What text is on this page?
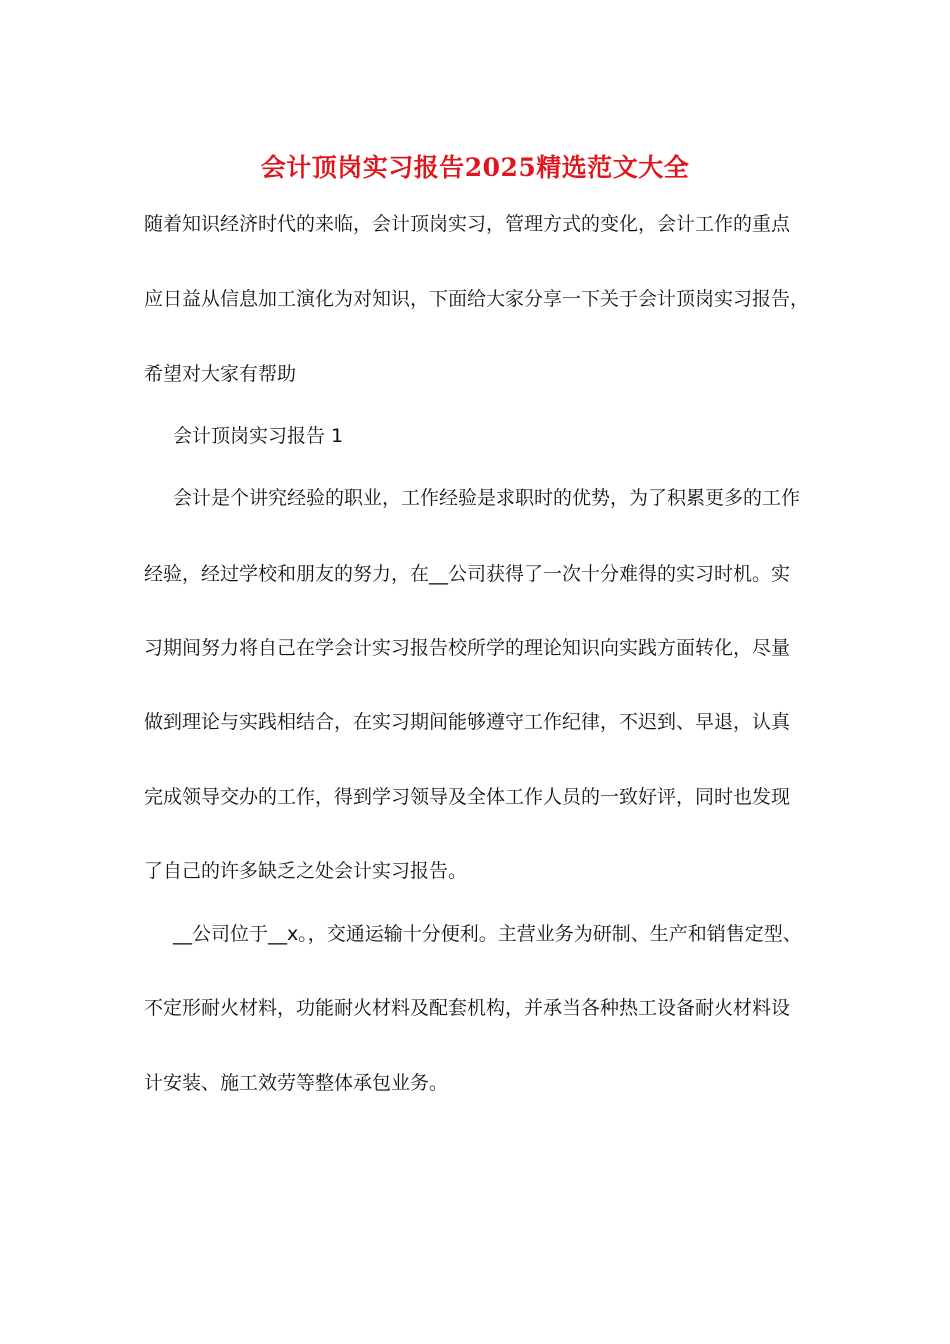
会计顶岗实习报告2025精选范文大全
随着知识经济时代的来临，会计顶岗实习，管理方式的变化，会计工作的重点
应日益从信息加工演化为对知识，下面给大家分享一下关于会计顶岗实习报告，
希望对大家有帮助
会计顶岗实习报告 1
会计是个讲究经验的职业，工作经验是求职时的优势，为了积累更多的工作
经验，经过学校和朋友的努力，在__公司获得了一次十分难得的实习时机。实
习期间努力将自己在学会计实习报告校所学的理论知识向实践方面转化，尽量
做到理论与实践相结合，在实习期间能够遵守工作纪律，不迟到、早退，认真
完成领导交办的工作，得到学习领导及全体工作人员的一致好评，同时也发现
了自己的许多缺乏之处会计实习报告。
__公司位于__x。，交通运输十分便利。主营业务为研制、生产和销售定型、
不定形耐火材料，功能耐火材料及配套机构，并承当各种热工设备耐火材料设
计安装、施工效劳等整体承包业务。
